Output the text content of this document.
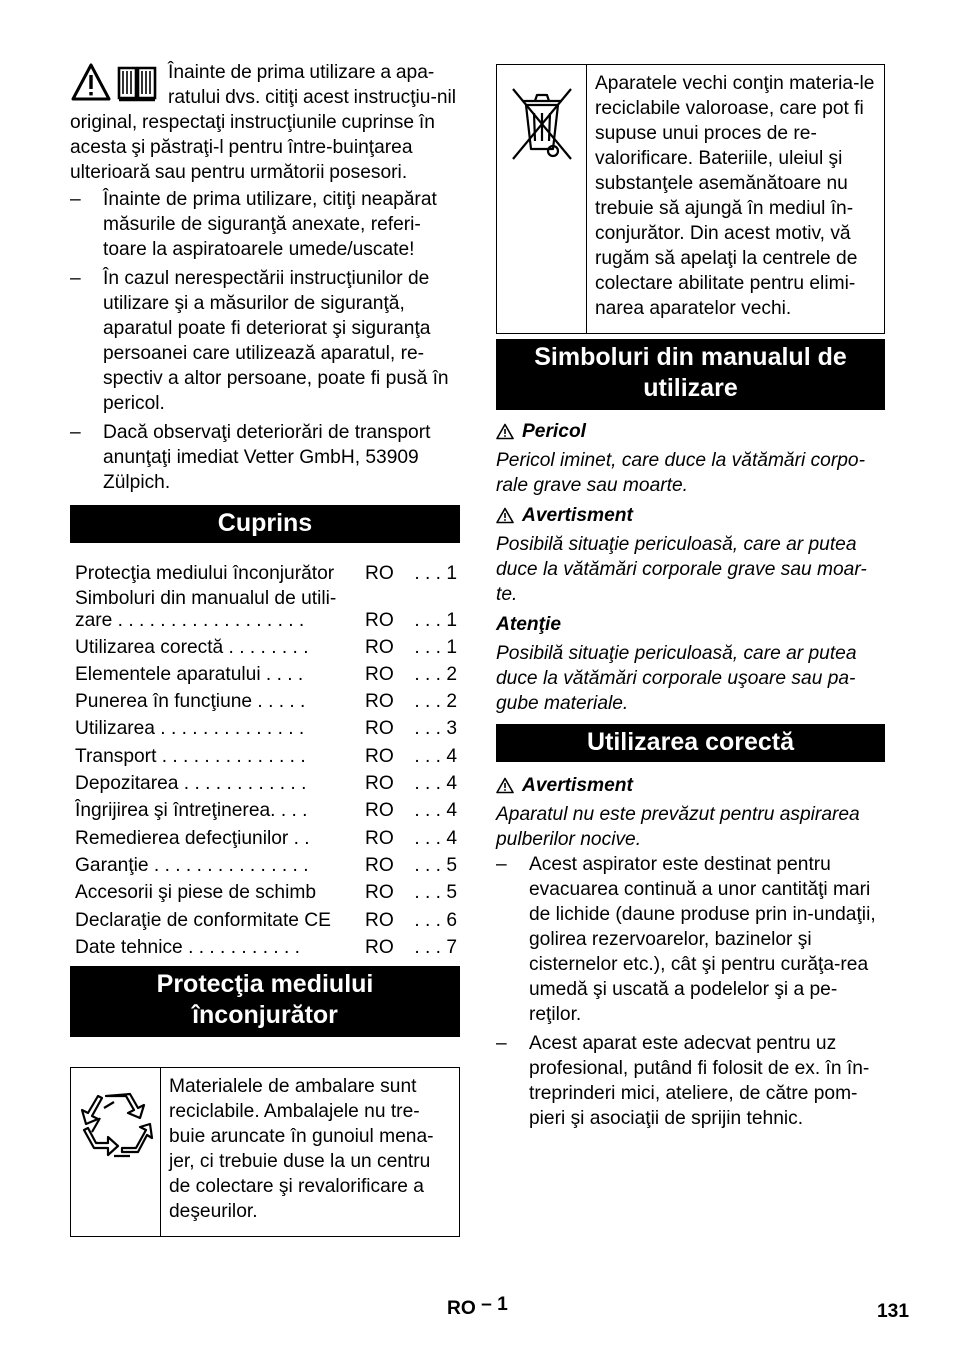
Înainte de prima utilizare a apa-ratului dvs. citiţi acest instrucţiu-nil original, respectaţi instrucţiunile cuprinse în acesta şi păstraţi-l pentru între-buinţarea ulterioară sau pentru următorii posesori.

–	Înainte de prima utilizare, citiţi neapărat măsurile de siguranţă anexate, referi-toare la aspiratoarele umede/uscate!
–	În cazul nerespectării instrucţiunilor de utilizare şi a măsurilor de siguranţă, aparatul poate fi deteriorat şi siguranţa persoanei care utilizează aparatul, re-spectiv a altor persoane, poate fi pusă în pericol.
–	Dacă observaţi deteriorări de transport anunţaţi imediat Vetter GmbH, 53909 Zülpich.
Cuprins
Protecţia mediului înconjurător	RO	. . . 1
Simboluri din manualul de utili-
zare . . . . . . . . . . . . . . . . . .	RO	. . . 1
Utilizarea corectă . . . . . . . .	RO	. . . 1
Elementele aparatului . . . .	RO	. . . 2
Punerea în funcţiune . . . . .	RO	. . . 2
Utilizarea . . . . . . . . . . . . . .	RO	. . . 3
Transport . . . . . . . . . . . . . .	RO	. . . 4
Depozitarea . . . . . . . . . . . .	RO	. . . 4
Îngrijirea şi întreţinerea. . . .	RO	. . . 4
Remedierea defecţiunilor . .	RO	. . . 4
Garanţie . . . . . . . . . . . . . . .	RO	. . . 5
Accesorii şi piese de schimb	RO	. . . 5
Declaraţie de conformitate CE	RO	. . . 6
Date tehnice . . . . . . . . . . .	RO	. . . 7
Protecţia mediului
înconjurător
Materialele de ambalare sunt reciclabile. Ambalajele nu tre-buie aruncate în gunoiul mena-jer, ci trebuie duse la un centru de colectare şi revalorificare a deşeurilor.
Aparatele vechi conţin materia-le reciclabile valoroase, care pot fi supuse unui proces de re-valorificare. Bateriile, uleiul şi substanţele asemănătoare nu trebuie să ajungă în mediul în-conjurător. Din acest motiv, vă rugăm să apelaţi la centrele de colectare abilitate pentru elimi-narea aparatelor vechi.
Simboluri din manualul de
utilizare
Pericol

Pericol iminet, care duce la vătămări corpo-rale grave sau moarte.

Avertisment

Posibilă situaţie periculoasă, care ar putea duce la vătămări corporale grave sau moar-te.

Atenţie

Posibilă situaţie periculoasă, care ar putea duce la vătămări corporale uşoare sau pa-gube materiale.

Utilizarea corectă
Avertisment

Aparatul nu este prevăzut pentru aspirarea pulberilor nocive.

–	Acest aspirator este destinat pentru evacuarea continuă a unor cantităţi mari de lichide (daune produse prin in-undaţii, golirea rezervoarelor, bazinelor şi cisternelor etc.), cât şi pentru curăţa-rea umedă şi uscată a podelelor şi a pe-reţilor.
–	Acest aparat este adecvat pentru uz profesional, putând fi folosit de ex. în în-treprinderi mici, ateliere, de către pom-pieri şi asociaţii de sprijin tehnic.
RO – 1	131
